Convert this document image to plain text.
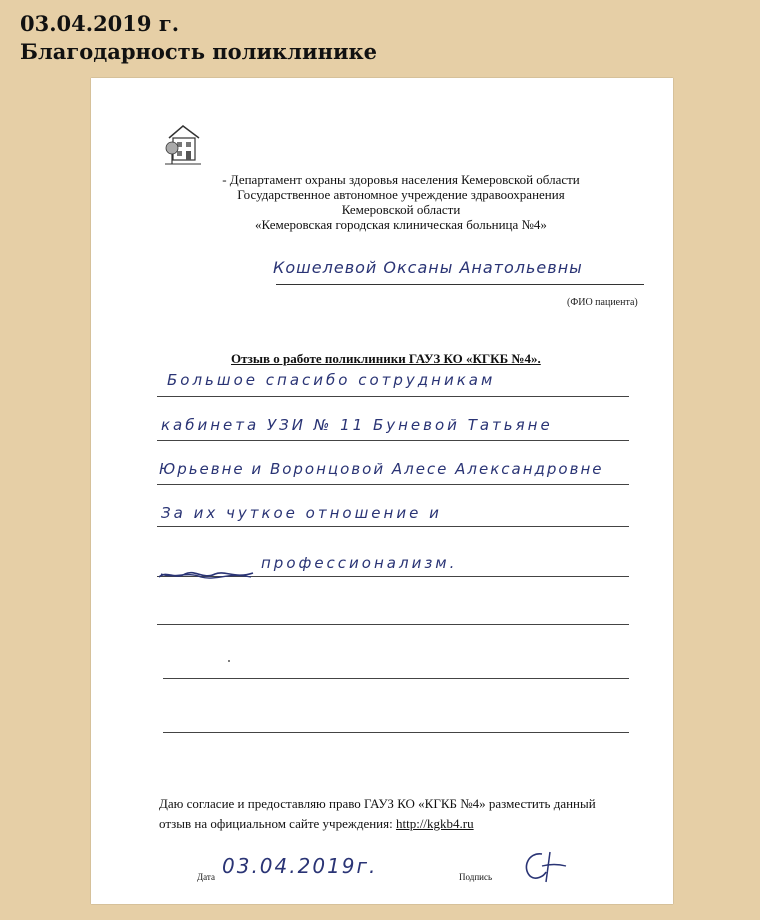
03.04.2019 г.
Благодарность поликлинике
- Департамент охраны здоровья населения Кемеровской области
Государственное автономное учреждение здравоохранения
Кемеровской области
«Кемеровская городская клиническая больница №4»
Кошелевой Оксаны Анатольевны
(ФИО пациента)
Отзыв о работе поликлиники ГАУЗ КО «КГКБ №4».
Большое спасибо сотрудникам
кабинета УЗИ № 11 Буневой Татьяне
Юрьевне и Воронцовой Алесе Александровне
За их чуткое отношение и
профессионализм.
Даю согласие и предоставляю право ГАУЗ КО «КГКБ №4» разместить данный отзыв на официальном сайте учреждения: http://kgkb4.ru
Дата 03.04.2019г.	Подпись
